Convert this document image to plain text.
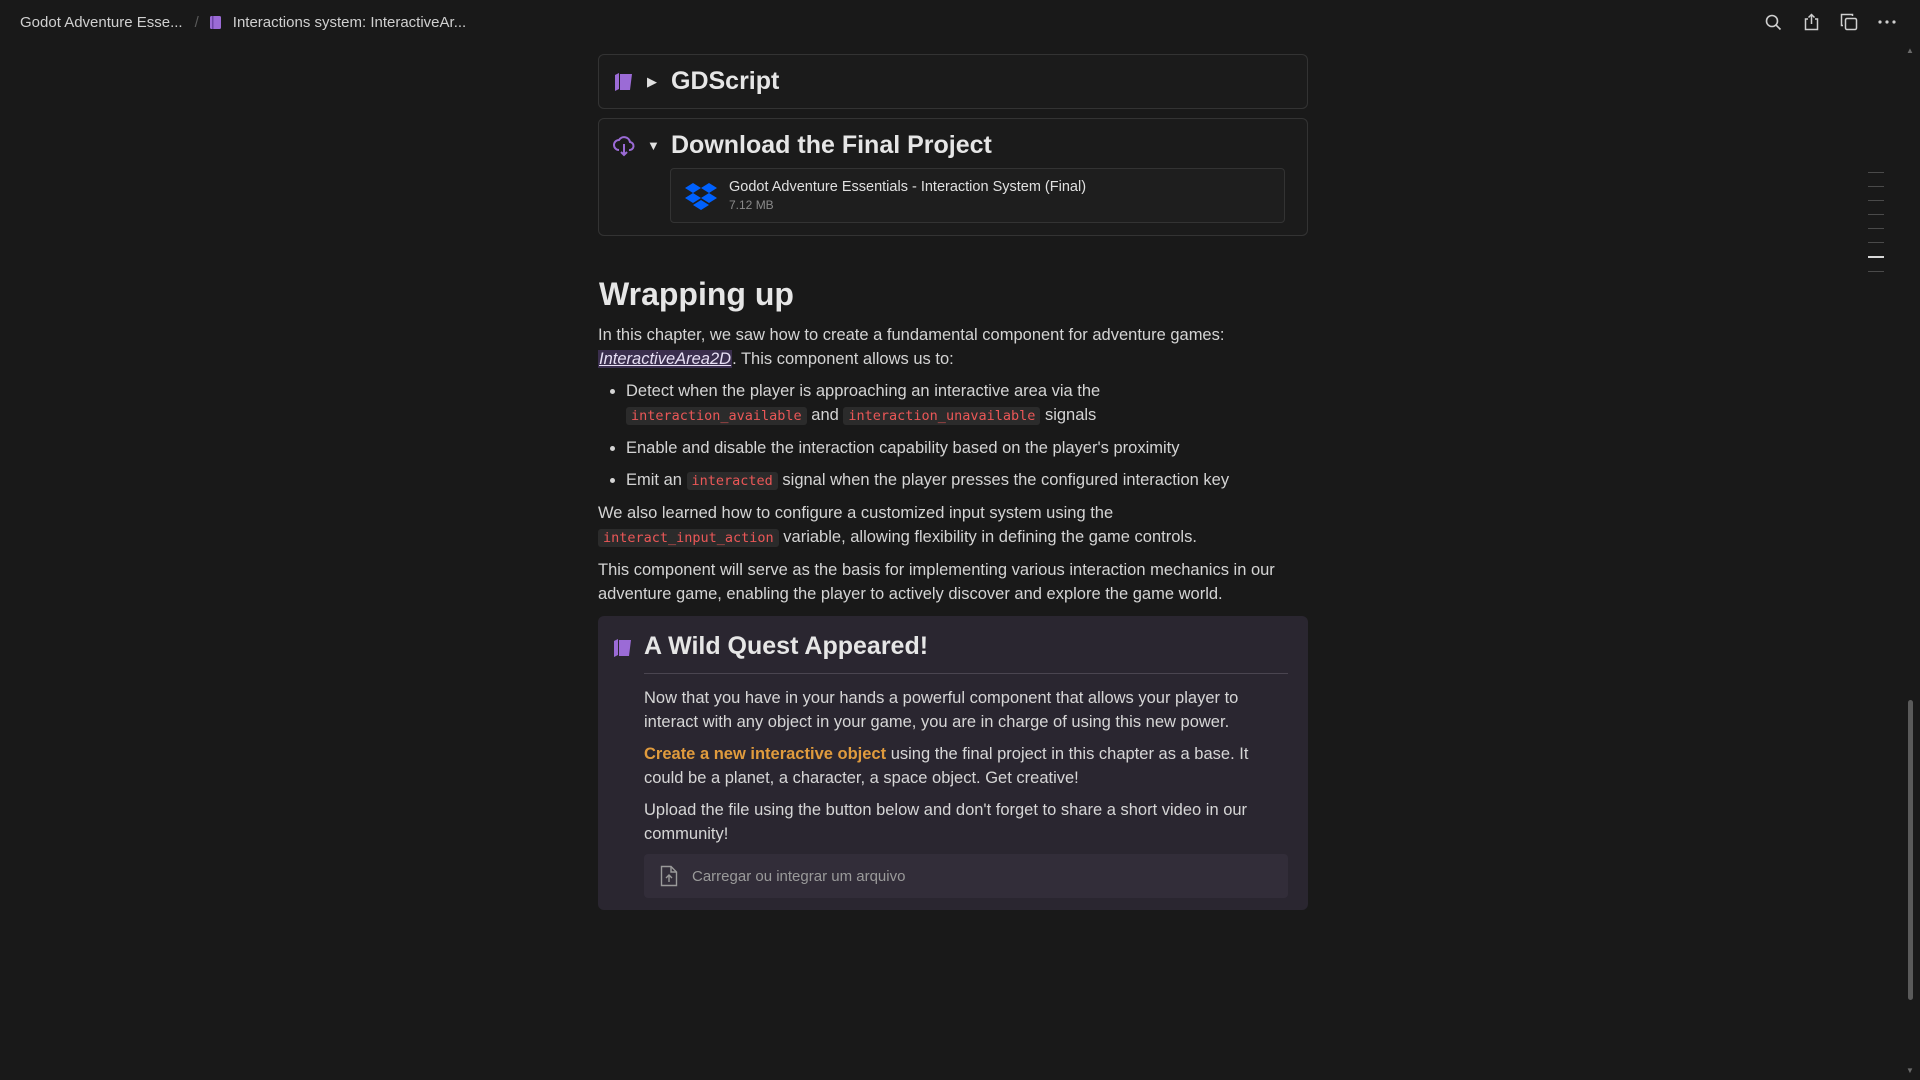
Godot Adventure Esse... / Interactions system: InteractiveAr...
▶ GDScript
▼ Download the Final Project
Godot Adventure Essentials - Interaction System (Final)
7.12 MB
Wrapping up

In this chapter, we saw how to create a fundamental component for adventure games:
InteractiveArea2D. This component allows us to:

• Detect when the player is approaching an interactive area via the
interaction_available and interaction_unavailable signals
• Enable and disable the interaction capability based on the player's proximity
• Emit an interacted signal when the player presses the configured interaction key

We also learned how to configure a customized input system using the
interact_input_action variable, allowing flexibility in defining the game controls.

This component will serve as the basis for implementing various interaction mechanics in our adventure game, enabling the player to actively discover and explore the game world.

A Wild Quest Appeared!

Now that you have in your hands a powerful component that allows your player to interact with any object in your game, you are in charge of using this new power.

Create a new interactive object using the final project in this chapter as a base. It could be a planet, a character, a space object. Get creative!

Upload the file using the button below and don't forget to share a short video in our community!

Carregar ou integrar um arquivo
▲
▼
